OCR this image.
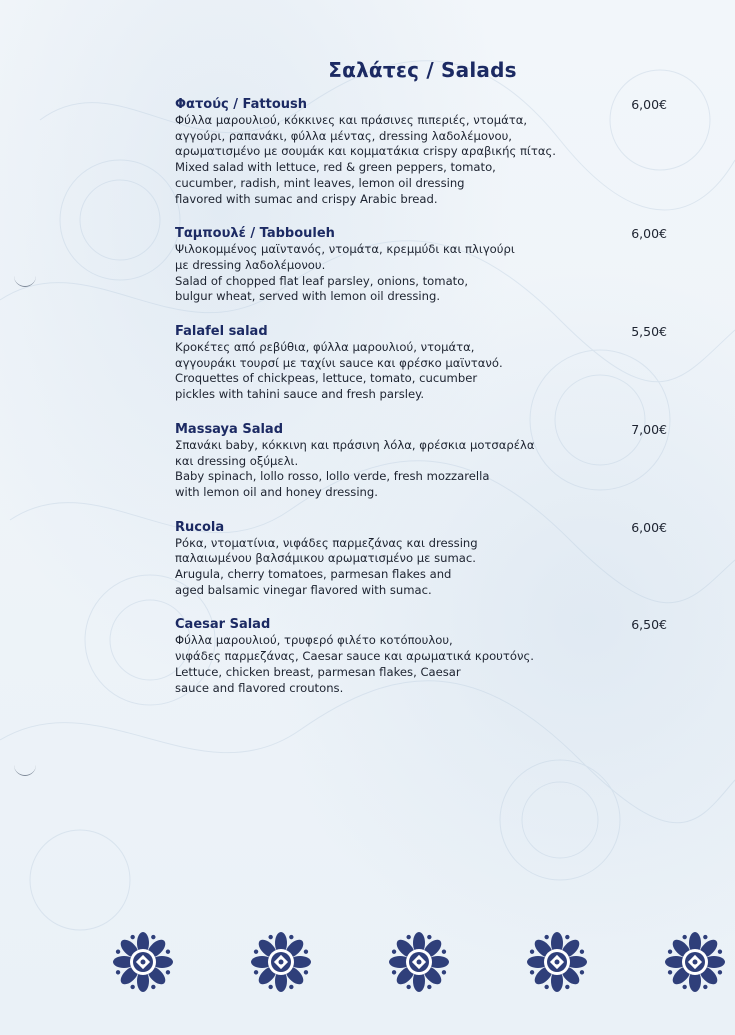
Σαλάτες / Salads
Φατούς / Fattoush	6,00€
Φύλλα μαρουλιού, κόκκινες και πράσινες πιπεριές, ντομάτα,
αγγούρι, ραπανάκι, φύλλα μέντας, dressing λαδολέμονου,
αρωματισμένο με σουμάκ και κομματάκια crispy αραβικής πίτας.
Mixed salad with lettuce, red & green peppers, tomato,
cucumber, radish, mint leaves, lemon oil dressing
flavored with sumac and crispy Arabic bread.
Ταμπουλέ / Tabbouleh	6,00€
Ψιλοκομμένος μαϊντανός, ντομάτα, κρεμμύδι και πλιγούρι
με dressing λαδολέμονου.
Salad of chopped flat leaf parsley, onions, tomato,
bulgur wheat, served with lemon oil dressing.
Falafel salad	5,50€
Κροκέτες από ρεβύθια, φύλλα μαρουλιού, ντομάτα,
αγγουράκι τουρσί με ταχίνι sauce και φρέσκο μαϊντανό.
Croquettes of chickpeas, lettuce, tomato, cucumber
pickles with tahini sauce and fresh parsley.
Massaya Salad	7,00€
Σπανάκι baby, κόκκινη και πράσινη λόλα, φρέσκια μοτσαρέλα
και dressing οξύμελι.
Baby spinach, lollo rosso, lollo verde, fresh mozzarella
with lemon oil and honey dressing.
Rucola	6,00€
Ρόκα, ντοματίνια, νιφάδες παρμεζάνας και dressing
παλαιωμένου βαλσάμικου αρωματισμένο με sumac.
Arugula, cherry tomatoes, parmesan flakes and
aged balsamic vinegar flavored with sumac.
Caesar Salad	6,50€
Φύλλα μαρουλιού, τρυφερό φιλέτο κοτόπουλου,
νιφάδες παρμεζάνας, Caesar sauce και αρωματικά κρουτόνς.
Lettuce, chicken breast, parmesan flakes, Caesar
sauce and flavored croutons.
